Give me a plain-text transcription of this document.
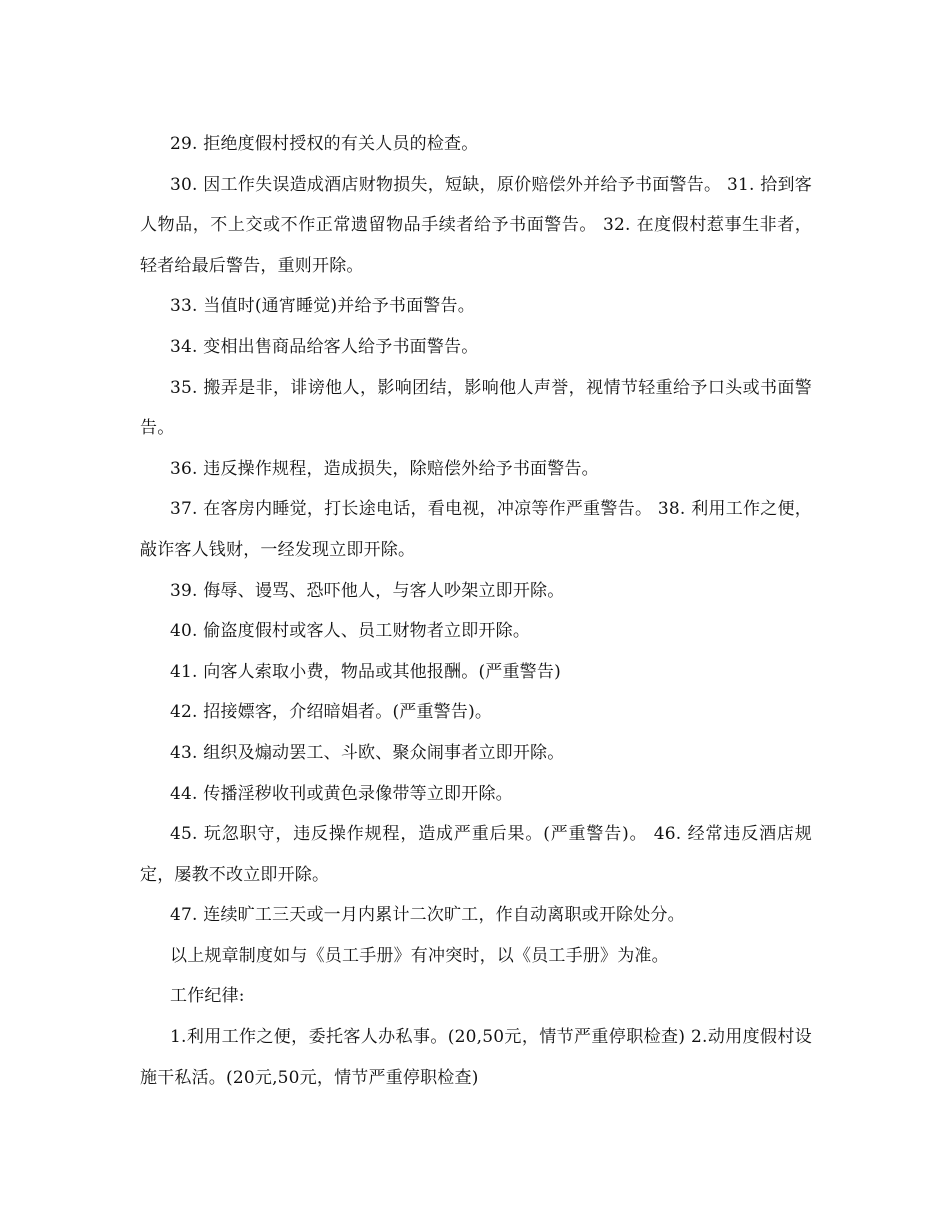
29. 拒绝度假村授权的有关人员的检查。

30. 因工作失误造成酒店财物损失，短缺，原价赔偿外并给予书面警告。 31. 拾到客人物品，不上交或不作正常遗留物品手续者给予书面警告。 32. 在度假村惹事生非者，轻者给最后警告，重则开除。

33. 当值时(通宵睡觉)并给予书面警告。

34. 变相出售商品给客人给予书面警告。

35. 搬弄是非，诽谤他人，影响团结，影响他人声誉，视情节轻重给予口头或书面警告。

36. 违反操作规程，造成损失，除赔偿外给予书面警告。

37. 在客房内睡觉，打长途电话，看电视，冲凉等作严重警告。 38. 利用工作之便，敲诈客人钱财，一经发现立即开除。

39. 侮辱、谩骂、恐吓他人，与客人吵架立即开除。

40. 偷盗度假村或客人、员工财物者立即开除。

41. 向客人索取小费，物品或其他报酬。(严重警告)

42. 招接嫖客，介绍暗娼者。(严重警告)。

43. 组织及煽动罢工、斗欧、聚众闹事者立即开除。

44. 传播淫秽收刊或黄色录像带等立即开除。

45. 玩忽职守，违反操作规程，造成严重后果。(严重警告)。 46. 经常违反酒店规定，屡教不改立即开除。

47. 连续旷工三天或一月内累计二次旷工，作自动离职或开除处分。

以上规章制度如与《员工手册》有冲突时，以《员工手册》为准。

工作纪律:

1.利用工作之便，委托客人办私事。(20,50元，情节严重停职检查) 2.动用度假村设施干私活。(20元,50元，情节严重停职检查)
